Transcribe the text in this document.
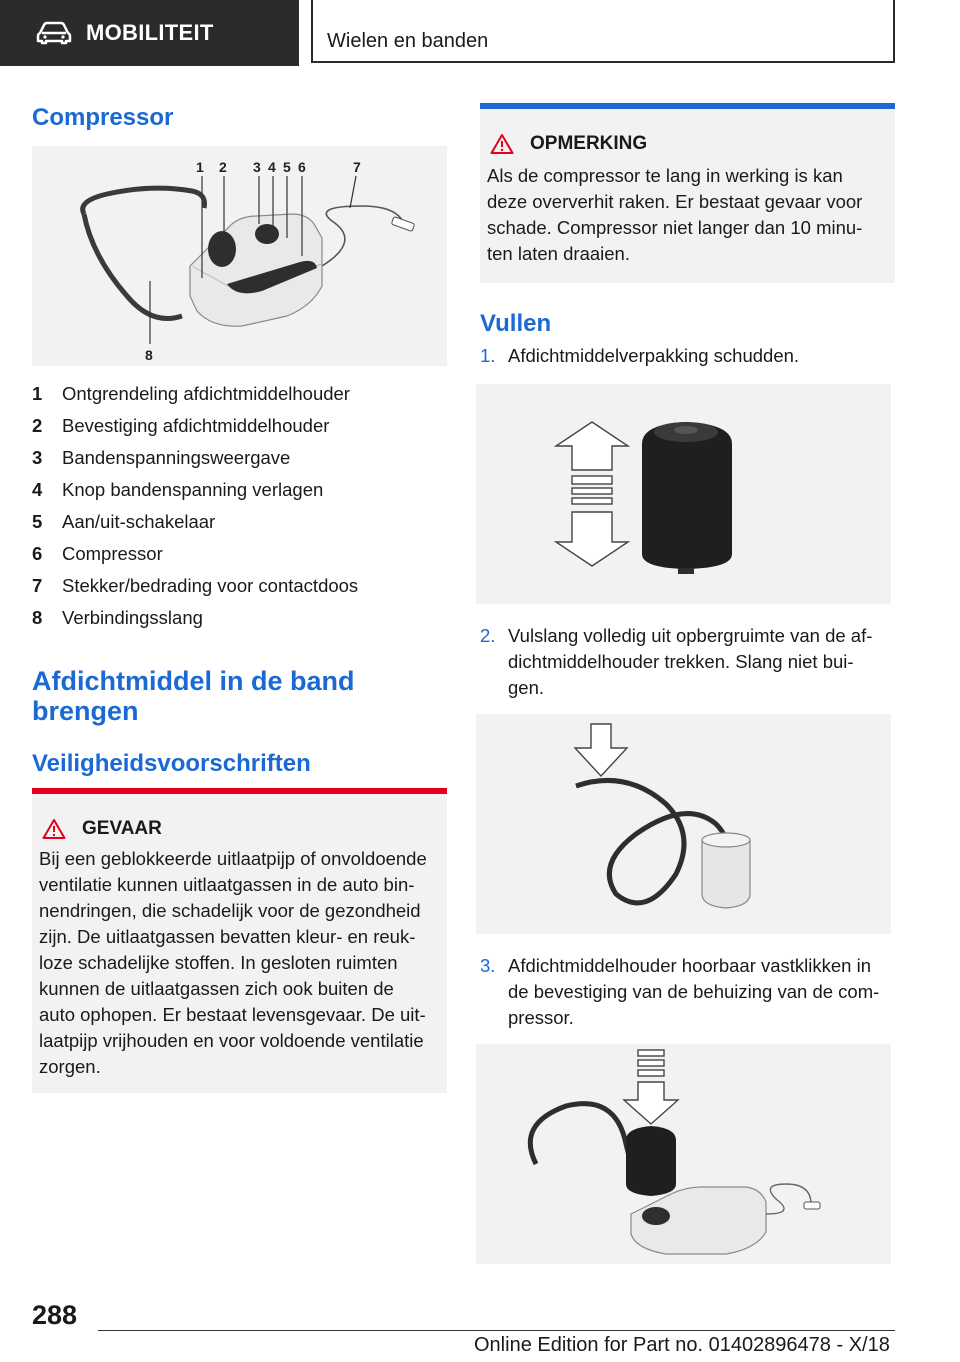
MOBILITEIT	Wielen en banden
Compressor
1 2 3 4 5 6	7
8
1	Ontgrendeling afdichtmiddelhouder
2	Bevestiging afdichtmiddelhouder
3	Bandenspanningsweergave
4	Knop bandenspanning verlagen
5	Aan/uit-schakelaar
6	Compressor
7	Stekker/bedrading voor contactdoos
8	Verbindingsslang
Afdichtmiddel in de band
brengen
Veiligheidsvoorschriften
GEVAAR
Bij een geblokkeerde uitlaatpijp of onvoldoende
ventilatie kunnen uitlaatgassen in de auto bin-
nendringen, die schadelijk voor de gezondheid
zijn. De uitlaatgassen bevatten kleur- en reuk-
loze schadelijke stoffen. In gesloten ruimten
kunnen de uitlaatgassen zich ook buiten de
auto ophopen. Er bestaat levensgevaar. De uit-
laatpijp vrijhouden en voor voldoende ventilatie
zorgen.
OPMERKING
Als de compressor te lang in werking is kan
deze oververhit raken. Er bestaat gevaar voor
schade. Compressor niet langer dan 10 minu-
ten laten draaien.
Vullen
1. Afdichtmiddelverpakking schudden.
2. Vulslang volledig uit opbergruimte van de af-
dichtmiddelhouder trekken. Slang niet bui-
gen.
3. Afdichtmiddelhouder hoorbaar vastklikken in
de bevestiging van de behuizing van de com-
pressor.
288
Online Edition for Part no. 01402896478 - X/18
